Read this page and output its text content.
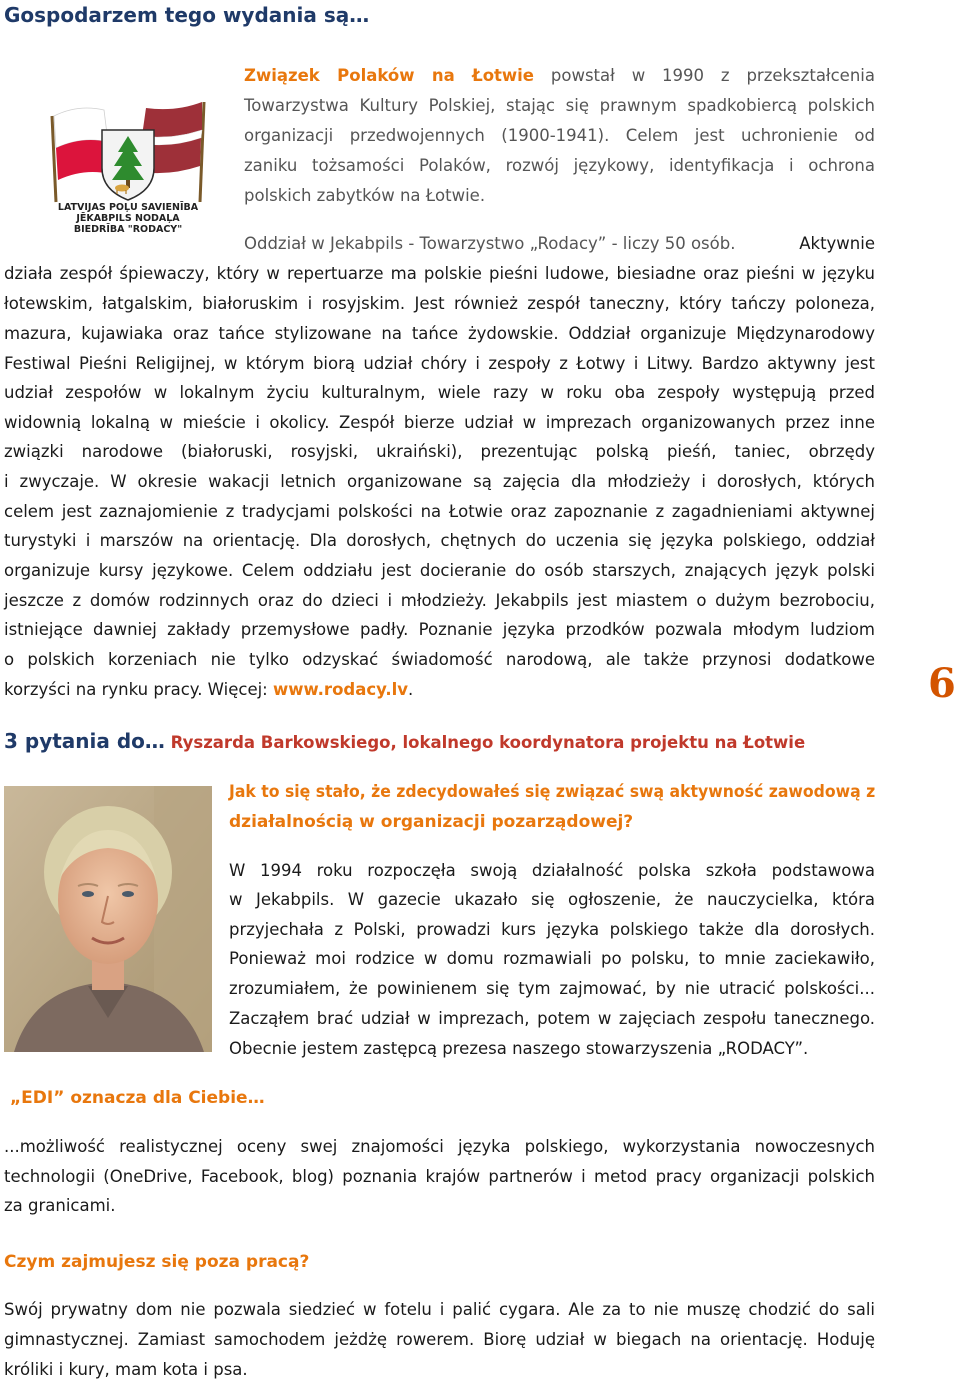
Gospodarzem tego wydania są…
LATVIJAS POĻU SAVIENĪBA
JĒKABPILS NODAĻA
BIEDRĪBA "RODACY"
Związek Polaków na Łotwie powstał w 1990 z przekształcenia
Towarzystwa Kultury Polskiej, stając się prawnym spadkobiercą polskich
organizacji przedwojennych (1900-1941). Celem jest uchronienie od
zaniku tożsamości Polaków, rozwój językowy, identyfikacja i ochrona
polskich zabytków na Łotwie.
Oddział w Jekabpils - Towarzystwo „Rodacy” - liczy 50 osób.	Aktywnie
działa zespół śpiewaczy, który w repertuarze ma polskie pieśni ludowe, biesiadne oraz pieśni w języku
łotewskim, łatgalskim, białoruskim i rosyjskim. Jest również zespół taneczny, który tańczy poloneza,
mazura, kujawiaka oraz tańce stylizowane na tańce żydowskie. Oddział organizuje Międzynarodowy
Festiwal Pieśni Religijnej, w którym biorą udział chóry i zespoły z Łotwy i Litwy. Bardzo aktywny jest
udział zespołów w lokalnym życiu kulturalnym, wiele razy w roku oba zespoły występują przed
widownią lokalną w mieście i okolicy. Zespół bierze udział w imprezach organizowanych przez inne
związki narodowe (białoruski, rosyjski, ukraiński), prezentując polską pieśń, taniec, obrzędy
i zwyczaje. W okresie wakacji letnich organizowane są zajęcia dla młodzieży i dorosłych, których
celem jest zaznajomienie z tradycjami polskości na Łotwie oraz zapoznanie z zagadnieniami aktywnej
turystyki i marszów na orientację. Dla dorosłych, chętnych do uczenia się języka polskiego, oddział
organizuje kursy językowe. Celem oddziału jest docieranie do osób starszych, znających język polski
jeszcze z domów rodzinnych oraz do dzieci i młodzieży. Jekabpils jest miastem o dużym bezrobociu,
istniejące dawniej zakłady przemysłowe padły. Poznanie języka przodków pozwala młodym ludziom
o polskich korzeniach nie tylko odzyskać świadomość narodową, ale także przynosi dodatkowe
korzyści na rynku pracy. Więcej: www.rodacy.lv.	6
3 pytania do… Ryszarda Barkowskiego, lokalnego koordynatora projektu na Łotwie
Jak to się stało, że zdecydowałeś się związać swą aktywność zawodową z
działalnością w organizacji pozarządowej?
W 1994 roku rozpoczęła swoją działalność polska szkoła podstawowa
w Jekabpils. W gazecie ukazało się ogłoszenie, że nauczycielka, która
przyjechała z Polski, prowadzi kurs języka polskiego także dla dorosłych.
Ponieważ moi rodzice w domu rozmawiali po polsku, to mnie zaciekawiło,
zrozumiałem, że powinienem się tym zajmować, by nie utracić polskości...
Zacząłem brać udział w imprezach, potem w zajęciach zespołu tanecznego.
Obecnie jestem zastępcą prezesa naszego stowarzyszenia „RODACY”.
„EDI” oznacza dla Ciebie…
...możliwość realistycznej oceny swej znajomości języka polskiego, wykorzystania nowoczesnych
technologii (OneDrive, Facebook, blog) poznania krajów partnerów i metod pracy organizacji polskich
za granicami.
Czym zajmujesz się poza pracą?
Swój prywatny dom nie pozwala siedzieć w fotelu i palić cygara. Ale za to nie muszę chodzić do sali
gimnastycznej. Zamiast samochodem jeżdżę rowerem. Biorę udział w biegach na orientację. Hoduję
króliki i kury, mam kota i psa.
